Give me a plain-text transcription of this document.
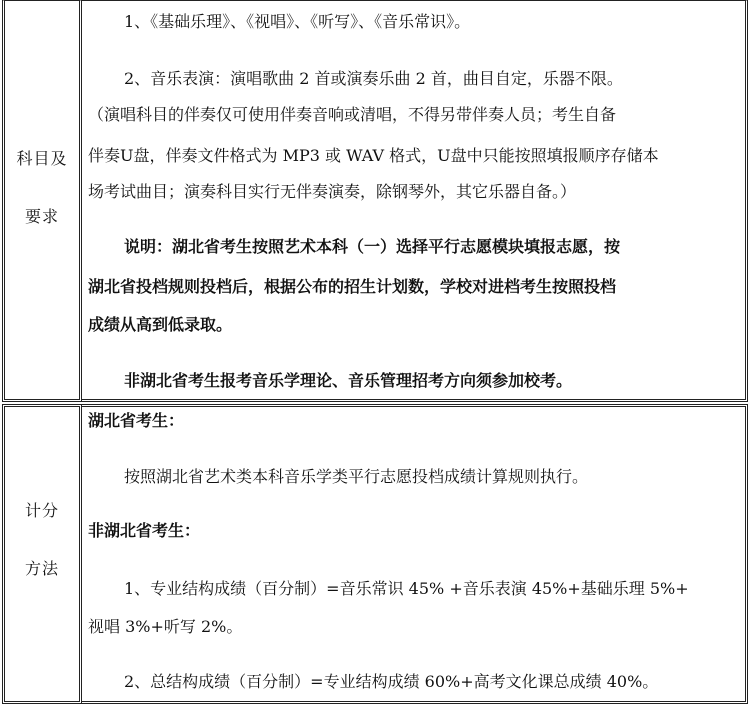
科目及
要求
1、《基础乐理》、《视唱》、《听写》、《音乐常识》。
2、音乐表演：演唱歌曲 2 首或演奏乐曲 2 首，曲目自定，乐器不限。
（演唱科目的伴奏仅可使用伴奏音响或清唱，不得另带伴奏人员；考生自备
伴奏U盘，伴奏文件格式为 MP3 或 WAV 格式，U盘中只能按照填报顺序存储本
场考试曲目；演奏科目实行无伴奏演奏，除钢琴外，其它乐器自备。）
说明：湖北省考生按照艺术本科（一）选择平行志愿模块填报志愿，按
湖北省投档规则投档后，根据公布的招生计划数，学校对进档考生按照投档
成绩从高到低录取。
非湖北省考生报考音乐学理论、音乐管理招考方向须参加校考。
计分
方法
湖北省考生：
按照湖北省艺术类本科音乐学类平行志愿投档成绩计算规则执行。
非湖北省考生：
1、专业结构成绩（百分制）=音乐常识 45% +音乐表演 45%+基础乐理 5%+
视唱 3%+听写 2%。
2、总结构成绩（百分制）=专业结构成绩 60%+高考文化课总成绩 40%。
